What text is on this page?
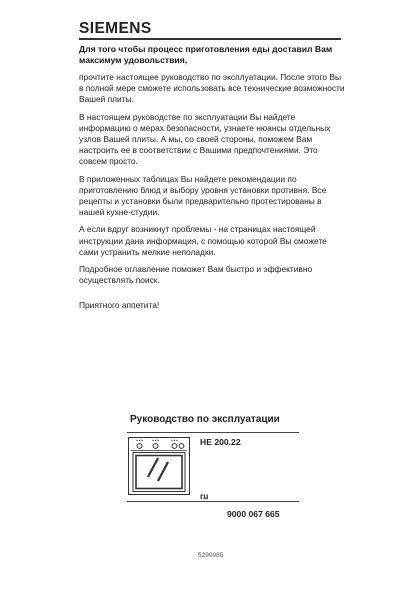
SIEMENS

Для того чтобы процесс приготовления еды доставил Вам максимум удовольствия,

прочтите настоящее руководство по эксплуатации. После этого Вы в полной мере сможете использовать все технические возможности Вашей плиты.

В настоящем руководстве по эксплуатации Вы найдете информацию о мерах безопасности, узнаете нюансы отдельных узлов Вашей плиты. А мы, со своей стороны, поможем Вам настроить ее в соответствии с Вашими предпочтениями. Это совсем просто.

В приложенных таблицах Вы найдете рекомендации по приготовлению блюд и выбору уровня установки противня. Все рецепты и установки были предварительно протестированы в нашей кухне-студии.

А если вдруг возникнут проблемы - на страницах настоящей инструкции дана информация, с помощью которой Вы сможете сами устранить мелкие неполадки.

Подробное оглавление поможет Вам быстро и эффективно осуществлять поиск.

Приятного аппетита!

Руководство по эксплуатации
HE 200.22
ru
9000 067 665
5290085
